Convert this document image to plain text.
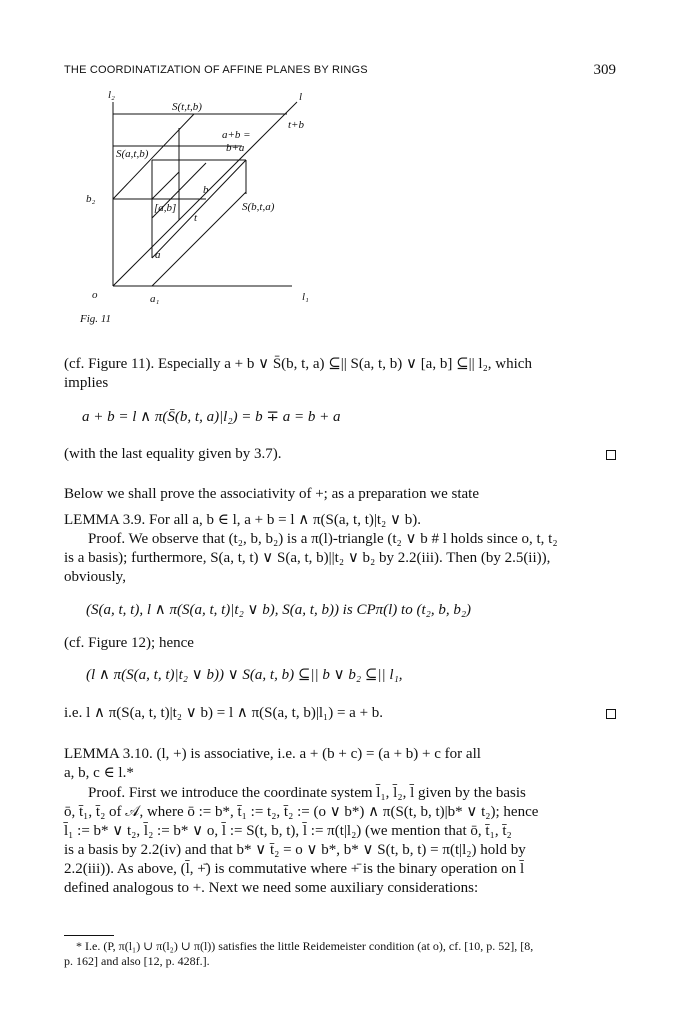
THE COORDINATIZATION OF AFFINE PLANES BY RINGS	309
l₂	l
S(t,t,b)
t+b
a+b =
b+a
S(a,t,b)
b₂
b
[a,b]	S(b,t,a)
t
a
o	a₁	l₁
Fig. 11
(cf. Figure 11). Especially a + b ∨ S̄(b, t, a) ⊆|| S(a, t, b) ∨ [a, b] ⊆|| l₂, which
implies
a + b = l ∧ π(S̄(b, t, a)|l₂) = b ∓ a = b + a
(with the last equality given by 3.7).
Below we shall prove the associativity of +; as a preparation we state
LEMMA 3.9. For all a, b ∈ l, a + b = l ∧ π(S(a, t, t)|t₂ ∨ b).
Proof. We observe that (t₂, b, b₂) is a π(l)-triangle (t₂ ∨ b # l holds since o, t, t₂
is a basis); furthermore, S(a, t, t) ∨ S(a, t, b)||t₂ ∨ b₂ by 2.2(iii). Then (by 2.5(ii)),
obviously,
(S(a, t, t), l ∧ π(S(a, t, t)|t₂ ∨ b), S(a, t, b)) is CPπ(l) to (t₂, b, b₂)
(cf. Figure 12); hence
(l ∧ π(S(a, t, t)|t₂ ∨ b)) ∨ S(a, t, b) ⊆|| b ∨ b₂ ⊆|| l₁,
i.e. l ∧ π(S(a, t, t)|t₂ ∨ b) = l ∧ π(S(a, t, b)|l₁) = a + b.
LEMMA 3.10. (l, +) is associative, i.e. a + (b + c) = (a + b) + c for all
a, b, c ∈ l.*
Proof. First we introduce the coordinate system l̄₁, l̄₂, l̄ given by the basis
ō, t̄₁, t̄₂ of 𝒜, where ō := b*, t̄₁ := t₂, t̄₂ := (o ∨ b*) ∧ π(S(t, b, t)|b* ∨ t₂); hence
l̄₁ := b* ∨ t₂, l̄₂ := b* ∨ o, l̄ := S(t, b, t), l̄ := π(t|l₂) (we mention that ō, t̄₁, t̄₂
is a basis by 2.2(iv) and that b* ∨ t̄₂ = o ∨ b*, b* ∨ S(t, b, t) = π(t|l₂) hold by
2.2(iii)). As above, (l̄, +̄) is commutative where +̄ is the binary operation on l̄
defined analogous to +. Next we need some auxiliary considerations:
* I.e. (P, π(l₁) ∪ π(l₂) ∪ π(l)) satisfies the little Reidemeister condition (at o), cf. [10, p. 52], [8,
p. 162] and also [12, p. 428f.].
